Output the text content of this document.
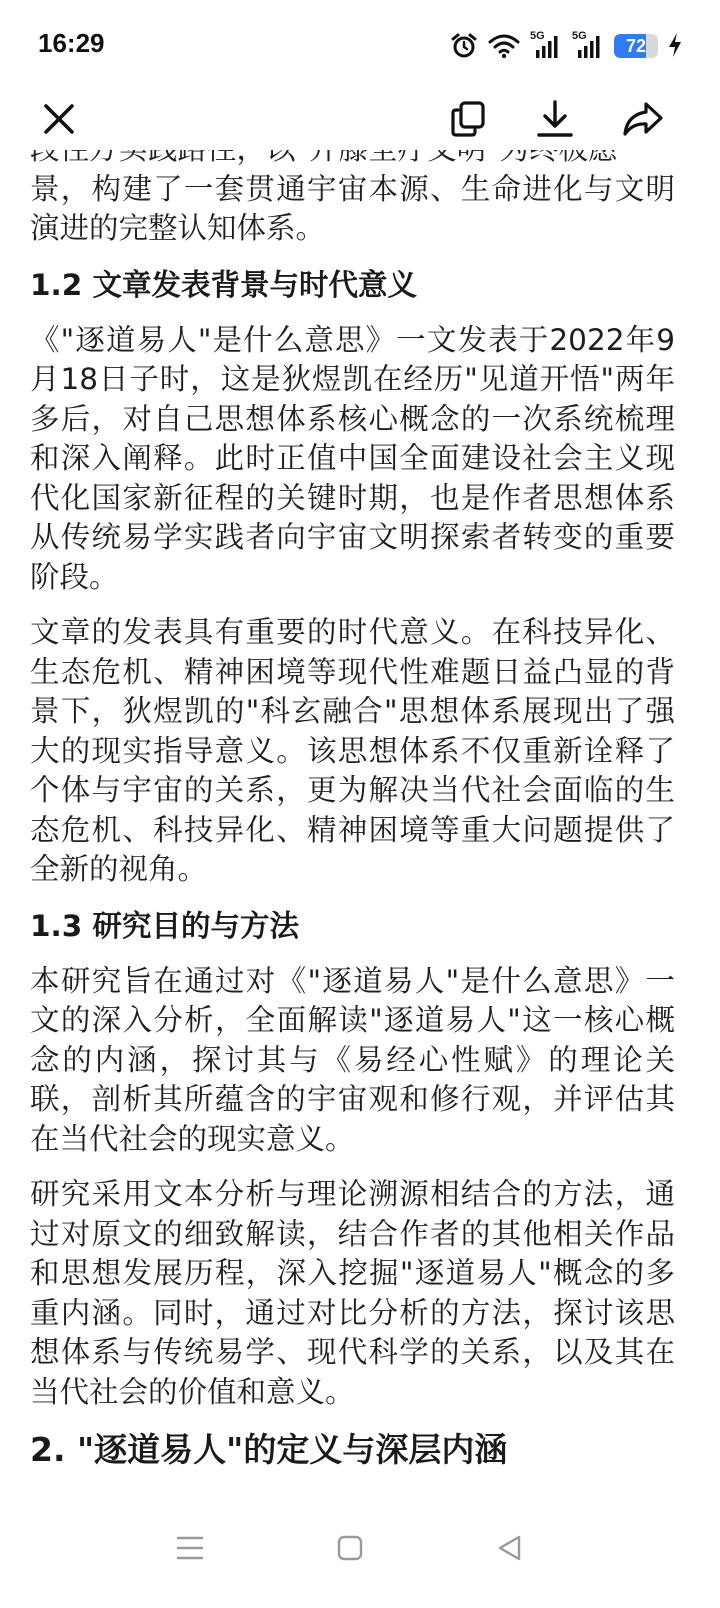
景，构建了一套贯通宇宙本源、生命进化与文明演进的完整认知体系。

1.2 文章发表背景与时代意义

《"逐道易人"是什么意思》一文发表于2022年9月18日子时，这是狄煜凯在经历"见道开悟"两年多后，对自己思想体系核心概念的一次系统梳理和深入阐释。此时正值中国全面建设社会主义现代化国家新征程的关键时期，也是作者思想体系从传统易学实践者向宇宙文明探索者转变的重要阶段。

文章的发表具有重要的时代意义。在科技异化、生态危机、精神困境等现代性难题日益凸显的背景下，狄煜凯的"科玄融合"思想体系展现出了强大的现实指导意义。该思想体系不仅重新诠释了个体与宇宙的关系，更为解决当代社会面临的生态危机、科技异化、精神困境等重大问题提供了全新的视角。

1.3 研究目的与方法

本研究旨在通过对《"逐道易人"是什么意思》一文的深入分析，全面解读"逐道易人"这一核心概念的内涵，探讨其与《易经心性赋》的理论关联，剖析其所蕴含的宇宙观和修行观，并评估其在当代社会的现实意义。

研究采用文本分析与理论溯源相结合的方法，通过对原文的细致解读，结合作者的其他相关作品和思想发展历程，深入挖掘"逐道易人"概念的多重内涵。同时，通过对比分析的方法，探讨该思想体系与传统易学、现代科学的关系，以及其在当代社会的价值和意义。

2. "逐道易人"的定义与深层内涵
16:29	5G 5G	72
